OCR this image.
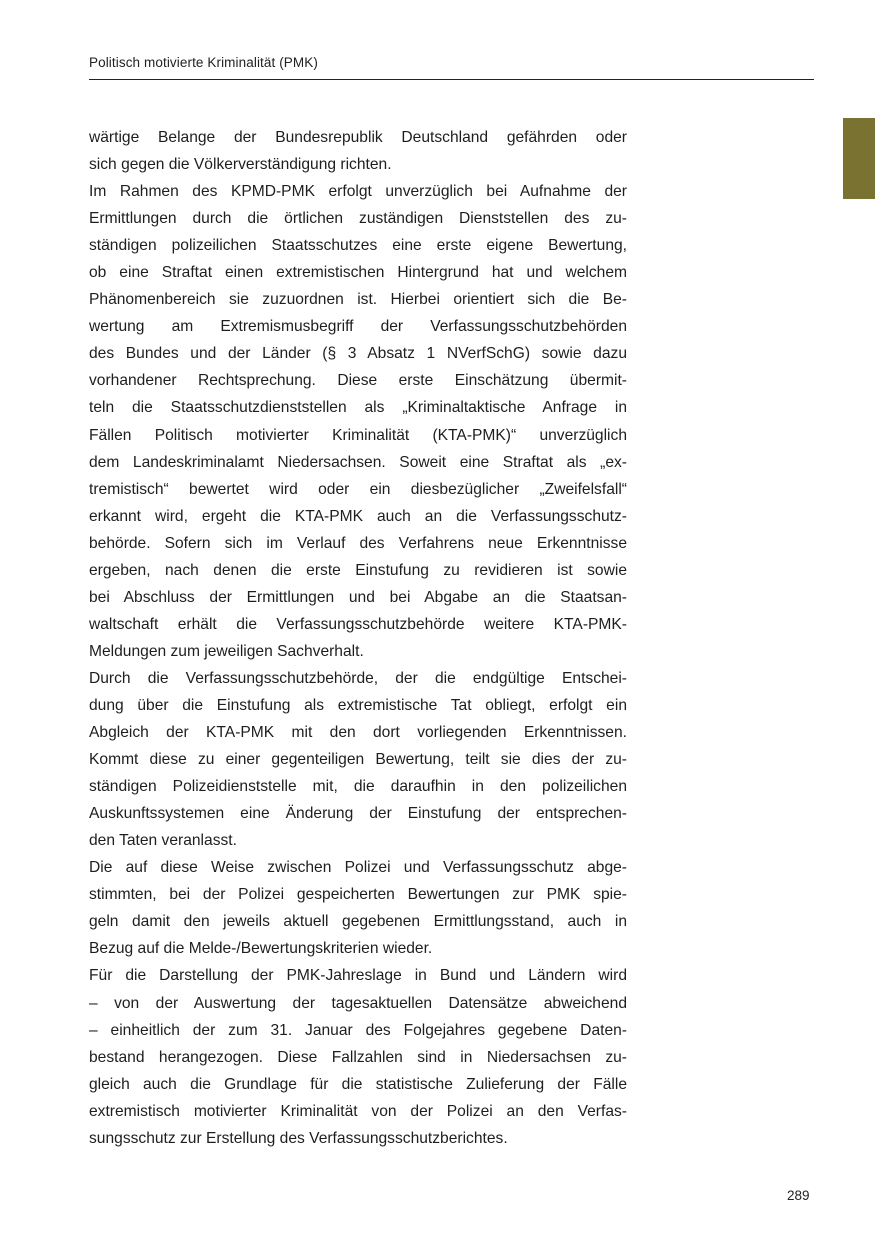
Politisch motivierte Kriminalität (PMK)

wärtige Belange der Bundesrepublik Deutschland gefährden oder
sich gegen die Völkerverständigung richten.

Im Rahmen des KPMD-PMK erfolgt unverzüglich bei Aufnahme der
Ermittlungen durch die örtlichen zuständigen Dienststellen des zu-
ständigen polizeilichen Staatsschutzes eine erste eigene Bewertung,
ob eine Straftat einen extremistischen Hintergrund hat und welchem
Phänomenbereich sie zuzuordnen ist. Hierbei orientiert sich die Be-
wertung am Extremismusbegriff der Verfassungsschutzbehörden
des Bundes und der Länder (§ 3 Absatz 1 NVerfSchG) sowie dazu
vorhandener Rechtsprechung. Diese erste Einschätzung übermit-
teln die Staatsschutzdienststellen als „Kriminaltaktische Anfrage in
Fällen Politisch motivierter Kriminalität (KTA-PMK)“ unverzüglich
dem Landeskriminalamt Niedersachsen. Soweit eine Straftat als „ex-
tremistisch“ bewertet wird oder ein diesbezüglicher „Zweifelsfall“
erkannt wird, ergeht die KTA-PMK auch an die Verfassungsschutz-
behörde. Sofern sich im Verlauf des Verfahrens neue Erkenntnisse
ergeben, nach denen die erste Einstufung zu revidieren ist sowie
bei Abschluss der Ermittlungen und bei Abgabe an die Staatsan-
waltschaft erhält die Verfassungsschutzbehörde weitere KTA-PMK-
Meldungen zum jeweiligen Sachverhalt.

Durch die Verfassungsschutzbehörde, der die endgültige Entschei-
dung über die Einstufung als extremistische Tat obliegt, erfolgt ein
Abgleich der KTA-PMK mit den dort vorliegenden Erkenntnissen.
Kommt diese zu einer gegenteiligen Bewertung, teilt sie dies der zu-
ständigen Polizeidienststelle mit, die daraufhin in den polizeilichen
Auskunftssystemen eine Änderung der Einstufung der entsprechen-
den Taten veranlasst.

Die auf diese Weise zwischen Polizei und Verfassungsschutz abge-
stimmten, bei der Polizei gespeicherten Bewertungen zur PMK spie-
geln damit den jeweils aktuell gegebenen Ermittlungsstand, auch in
Bezug auf die Melde-/Bewertungskriterien wieder.

Für die Darstellung der PMK-Jahreslage in Bund und Ländern wird
– von der Auswertung der tagesaktuellen Datensätze abweichend
– einheitlich der zum 31. Januar des Folgejahres gegebene Daten-
bestand herangezogen. Diese Fallzahlen sind in Niedersachsen zu-
gleich auch die Grundlage für die statistische Zulieferung der Fälle
extremistisch motivierter Kriminalität von der Polizei an den Verfas-
sungsschutz zur Erstellung des Verfassungsschutzberichtes.

289
